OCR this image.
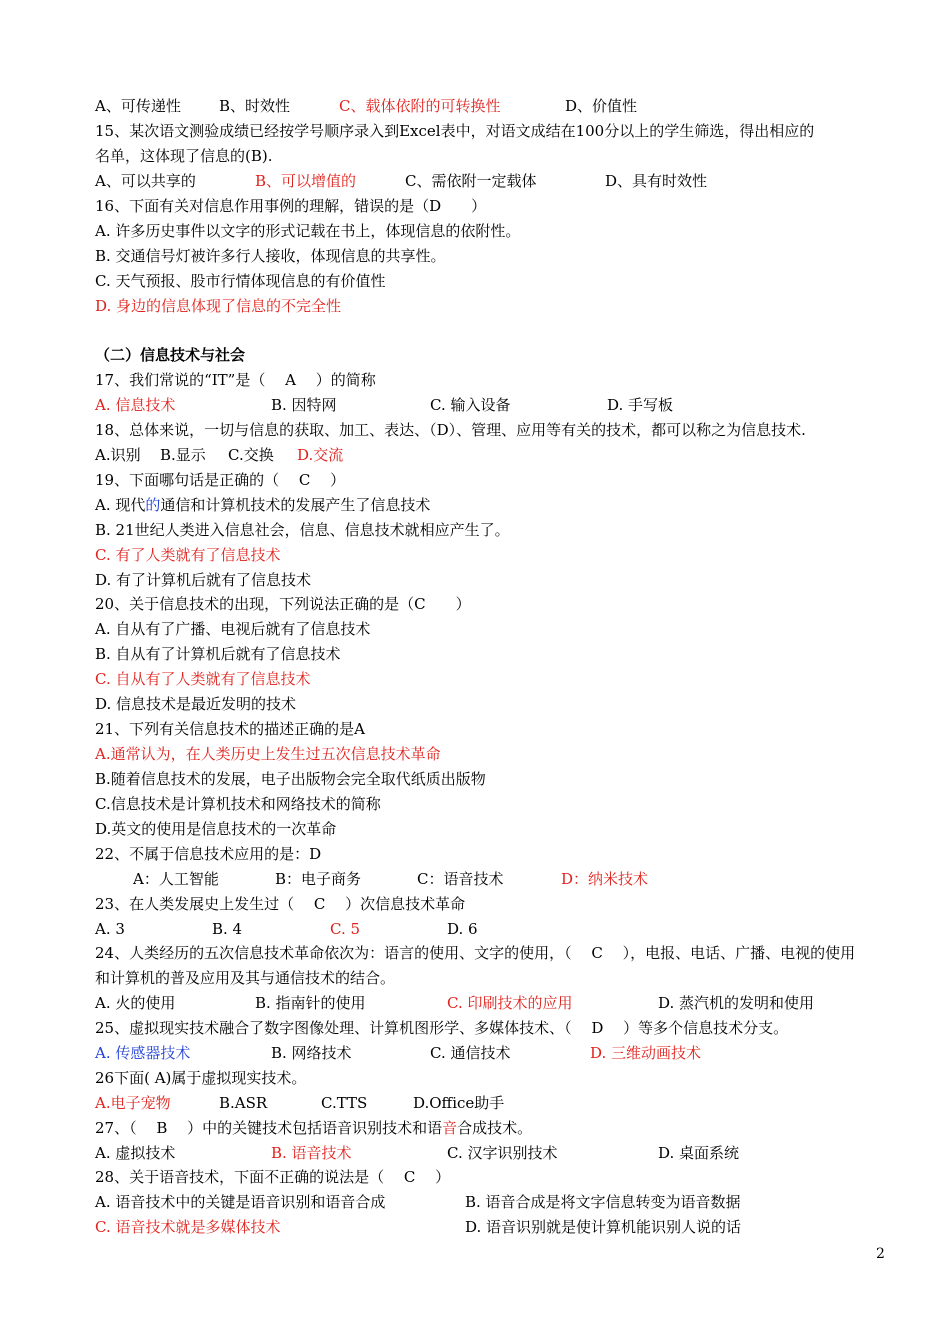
A、可传递性	B、时效性	C、载体依附的可转换性	D、价值性
15、某次语文测验成绩已经按学号顺序录入到Excel表中，对语文成结在100分以上的学生筛选，得出相应的
名单，这体现了信息的(B).
A、可以共享的	B、可以增值的	C、需依附一定载体	D、具有时效性
16、下面有关对信息作用事例的理解，错误的是（D　　）
A. 许多历史事件以文字的形式记载在书上，体现信息的依附性。
B. 交通信号灯被许多行人接收，体现信息的共享性。
C. 天气预报、股市行情体现信息的有价值性
D. 身边的信息体现了信息的不完全性
（二）信息技术与社会
17、我们常说的“IT”是（　 A　 ）的简称
A. 信息技术	B. 因特网	C. 输入设备	D. 手写板
18、总体来说，一切与信息的获取、加工、表达、（D）、管理、应用等有关的技术，都可以称之为信息技术.
A.识别 B.显示 C.交换 D.交流
19、下面哪句话是正确的（　 C　 ）
A. 现代的通信和计算机技术的发展产生了信息技术
B. 21世纪人类进入信息社会，信息、信息技术就相应产生了。
C. 有了人类就有了信息技术
D. 有了计算机后就有了信息技术
20、关于信息技术的出现，下列说法正确的是（C　　）
A. 自从有了广播、电视后就有了信息技术
B. 自从有了计算机后就有了信息技术
C. 自从有了人类就有了信息技术
D. 信息技术是最近发明的技术
21、下列有关信息技术的描述正确的是A
A.通常认为，在人类历史上发生过五次信息技术革命
B.随着信息技术的发展，电子出版物会完全取代纸质出版物
C.信息技术是计算机技术和网络技术的简称
D.英文的使用是信息技术的一次革命
22、不属于信息技术应用的是：D
A：人工智能	B：电子商务	C：语音技术	D：纳米技术
23、在人类发展史上发生过（　 C　 ）次信息技术革命
A. 3	B. 4	C. 5	D. 6
24、人类经历的五次信息技术革命依次为：语言的使用、文字的使用，（　 C　 ），电报、电话、广播、电视的使用
和计算机的普及应用及其与通信技术的结合。
A. 火的使用	B. 指南针的使用	C. 印刷技术的应用	D. 蒸汽机的发明和使用
25、虚拟现实技术融合了数字图像处理、计算机图形学、多媒体技术、（　 D　 ）等多个信息技术分支。
A. 传感器技术	B. 网络技术	C. 通信技术	D. 三维动画技术
26下面( A)属于虚拟现实技术。
A.电子宠物	B.ASR	C.TTS	D.Office助手
27、（　 B　 ）中的关键技术包括语音识别技术和语音合成技术。
A. 虚拟技术	B. 语音技术	C. 汉字识别技术	D. 桌面系统
28、关于语音技术，下面不正确的说法是（　 C　 ）
A. 语音技术中的关键是语音识别和语音合成	B. 语音合成是将文字信息转变为语音数据
C. 语音技术就是多媒体技术	D. 语音识别就是使计算机能识别人说的话
2
